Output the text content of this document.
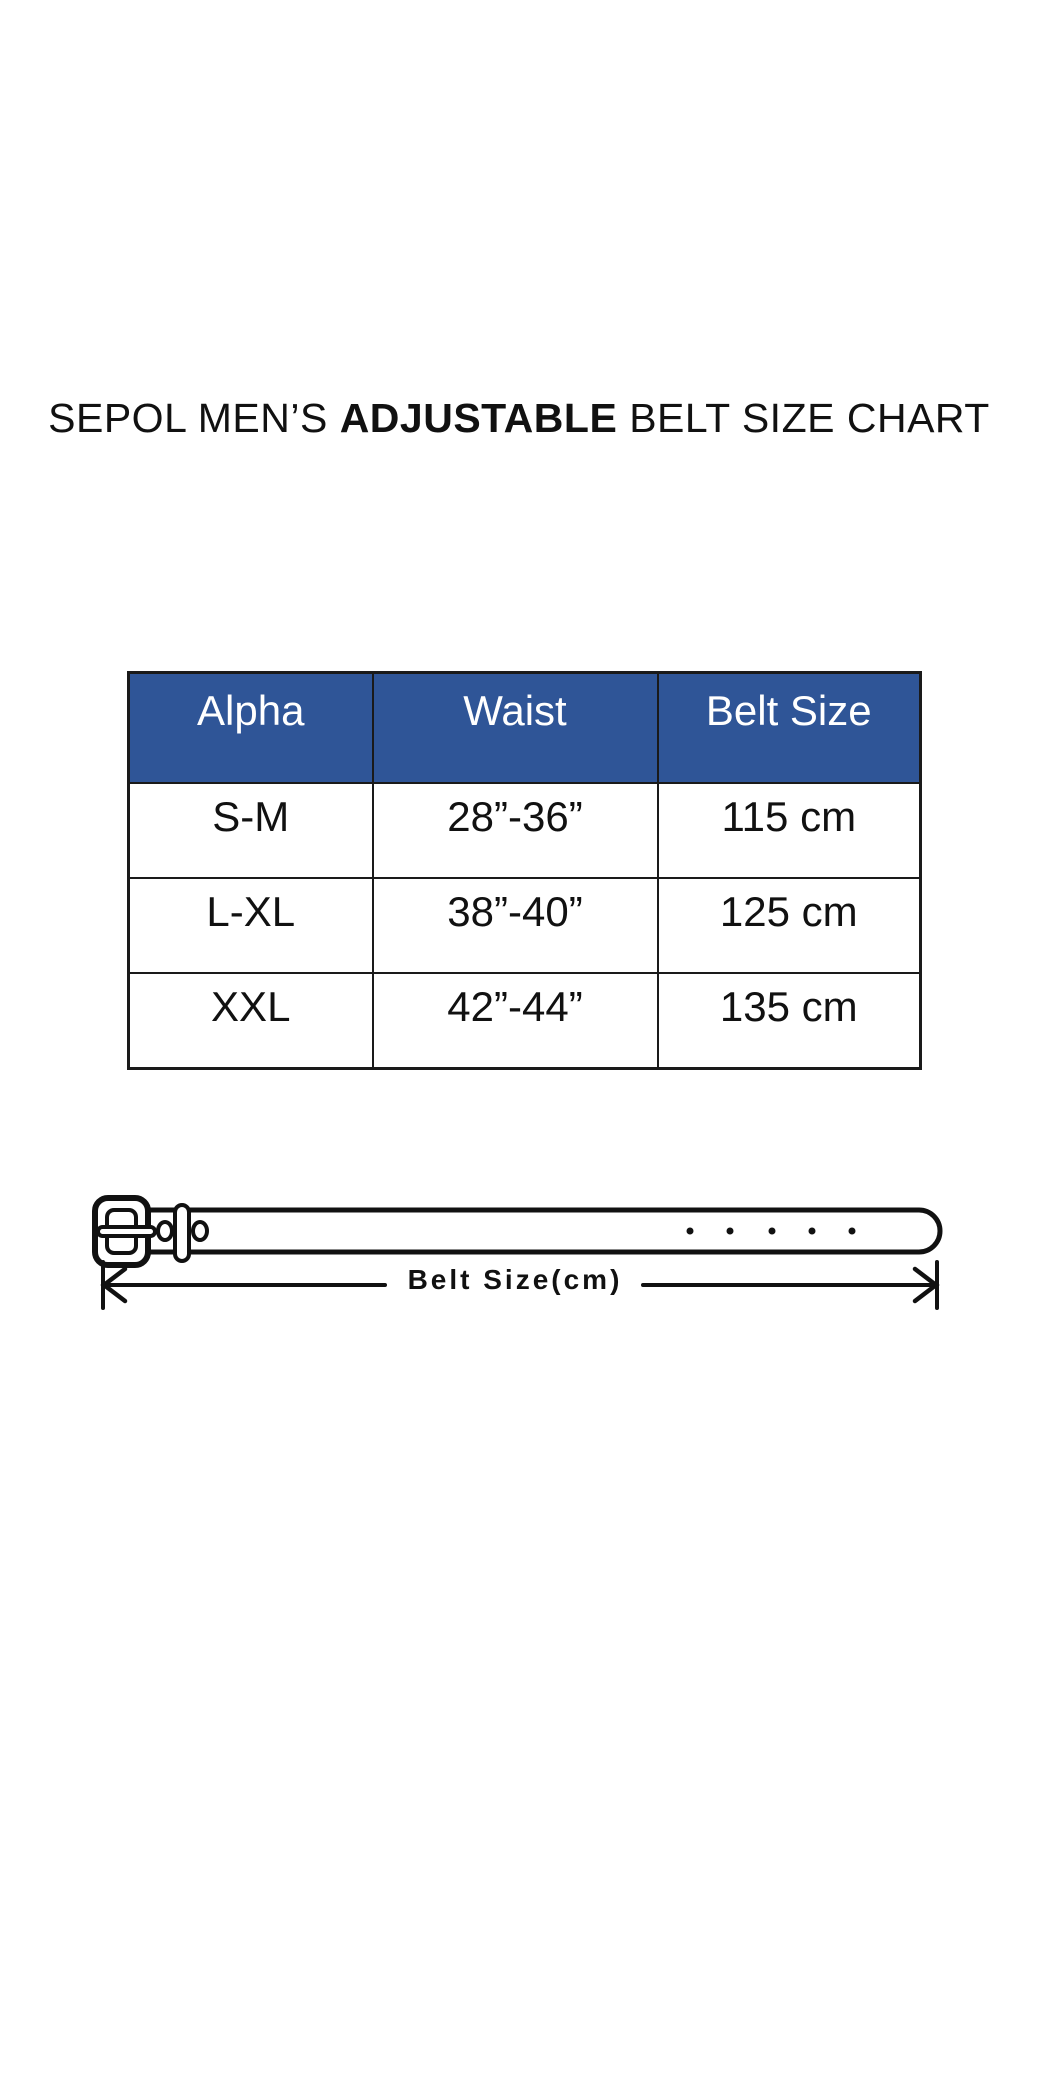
SEPOL MEN’S ADJUSTABLE BELT SIZE CHART
Alpha	Waist	Belt Size
S-M	28”-36”	115 cm
L-XL	38”-40”	125 cm
XXL	42”-44”	135 cm
Belt Size(cm)
